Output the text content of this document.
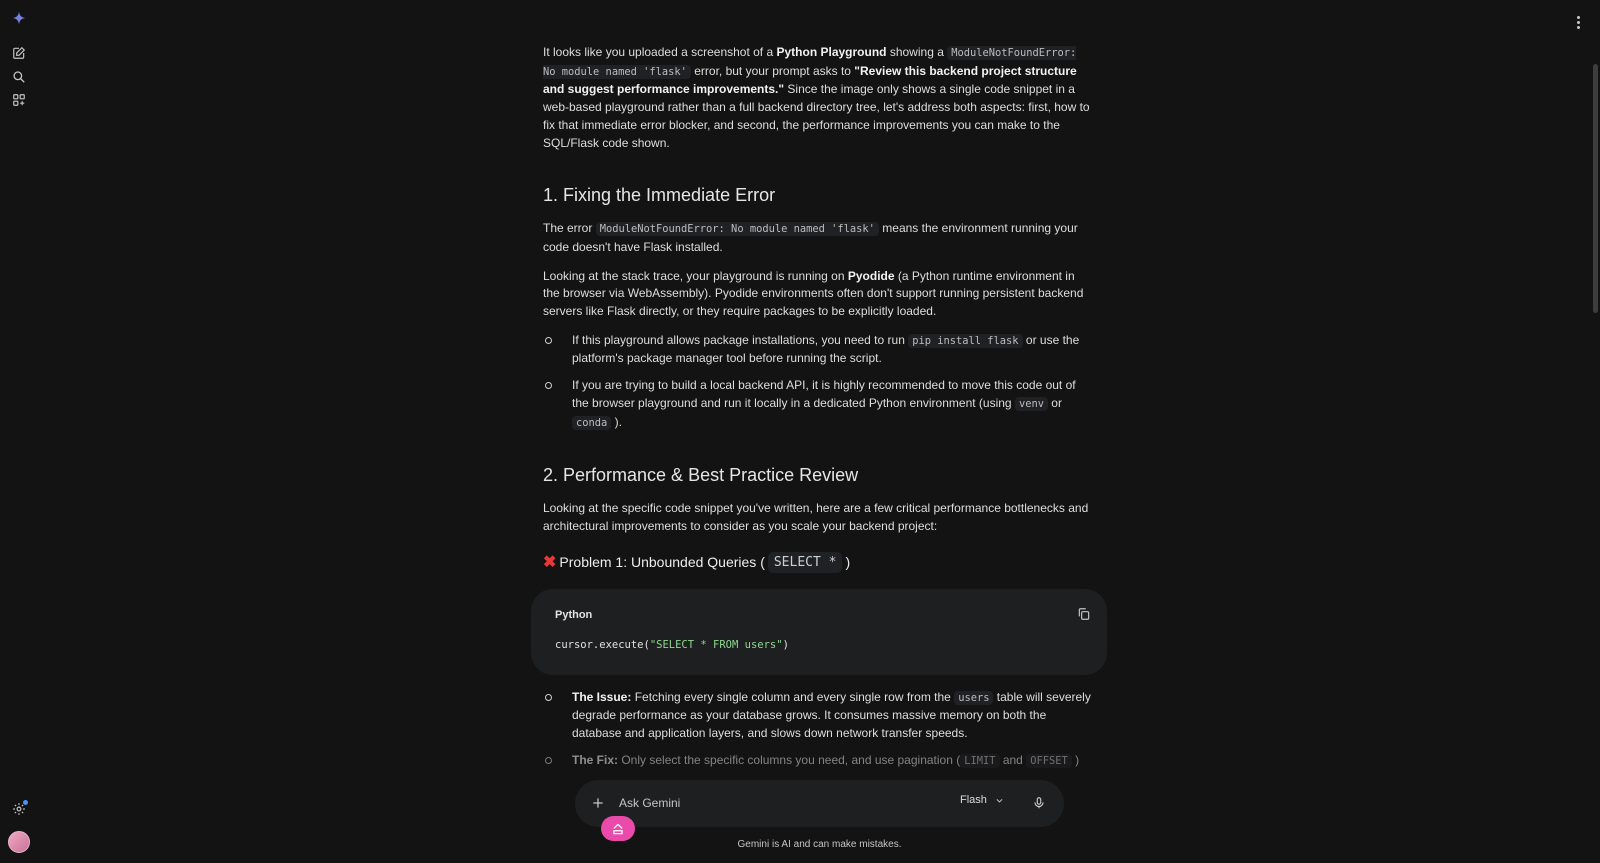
It looks like you uploaded a screenshot of a Python Playground showing a ModuleNotFoundError: No module named 'flask' error, but your prompt asks to "Review this backend project structure and suggest performance improvements." Since the image only shows a single code snippet in a web-based playground rather than a full backend directory tree, let's address both aspects: first, how to fix that immediate error blocker, and second, the performance improvements you can make to the SQL/Flask code shown.

1. Fixing the Immediate Error

The error ModuleNotFoundError: No module named 'flask' means the environment running your code doesn't have Flask installed.

Looking at the stack trace, your playground is running on Pyodide (a Python runtime environment in the browser via WebAssembly). Pyodide environments often don't support running persistent backend servers like Flask directly, or they require packages to be explicitly loaded.

If this playground allows package installations, you need to run pip install flask or use the platform's package manager tool before running the script.
If you are trying to build a local backend API, it is highly recommended to move this code out of the browser playground and run it locally in a dedicated Python environment (using venv or conda ).
2. Performance & Best Practice Review

Looking at the specific code snippet you've written, here are a few critical performance bottlenecks and architectural improvements to consider as you scale your backend project:

✖ Problem 1: Unbounded Queries ( SELECT * )
Python
cursor.execute("SELECT * FROM users")
The Issue: Fetching every single column and every single row from the users table will severely degrade performance as your database grows. It consumes massive memory on both the database and application layers, and slows down network transfer speeds.
The Fix: Only select the specific columns you need, and use pagination ( LIMIT and OFFSET )
Ask Gemini
Flash
Gemini is AI and can make mistakes.
